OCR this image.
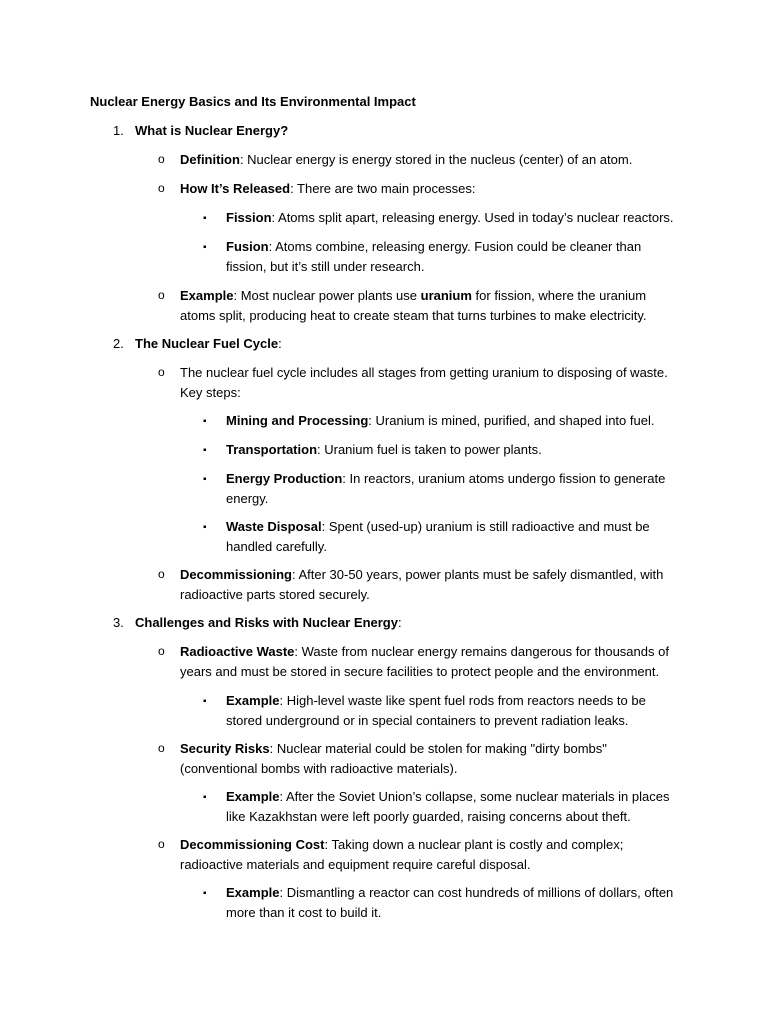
Nuclear Energy Basics and Its Environmental Impact
1. What is Nuclear Energy?
o Definition: Nuclear energy is energy stored in the nucleus (center) of an atom.
o How It’s Released: There are two main processes:
▪ Fission: Atoms split apart, releasing energy. Used in today’s nuclear reactors.
▪ Fusion: Atoms combine, releasing energy. Fusion could be cleaner than fission, but it’s still under research.
o Example: Most nuclear power plants use uranium for fission, where the uranium atoms split, producing heat to create steam that turns turbines to make electricity.
2. The Nuclear Fuel Cycle:
o The nuclear fuel cycle includes all stages from getting uranium to disposing of waste. Key steps:
▪ Mining and Processing: Uranium is mined, purified, and shaped into fuel.
▪ Transportation: Uranium fuel is taken to power plants.
▪ Energy Production: In reactors, uranium atoms undergo fission to generate energy.
▪ Waste Disposal: Spent (used-up) uranium is still radioactive and must be handled carefully.
o Decommissioning: After 30-50 years, power plants must be safely dismantled, with radioactive parts stored securely.
3. Challenges and Risks with Nuclear Energy:
o Radioactive Waste: Waste from nuclear energy remains dangerous for thousands of years and must be stored in secure facilities to protect people and the environment.
▪ Example: High-level waste like spent fuel rods from reactors needs to be stored underground or in special containers to prevent radiation leaks.
o Security Risks: Nuclear material could be stolen for making "dirty bombs" (conventional bombs with radioactive materials).
▪ Example: After the Soviet Union’s collapse, some nuclear materials in places like Kazakhstan were left poorly guarded, raising concerns about theft.
o Decommissioning Cost: Taking down a nuclear plant is costly and complex; radioactive materials and equipment require careful disposal.
▪ Example: Dismantling a reactor can cost hundreds of millions of dollars, often more than it cost to build it.
